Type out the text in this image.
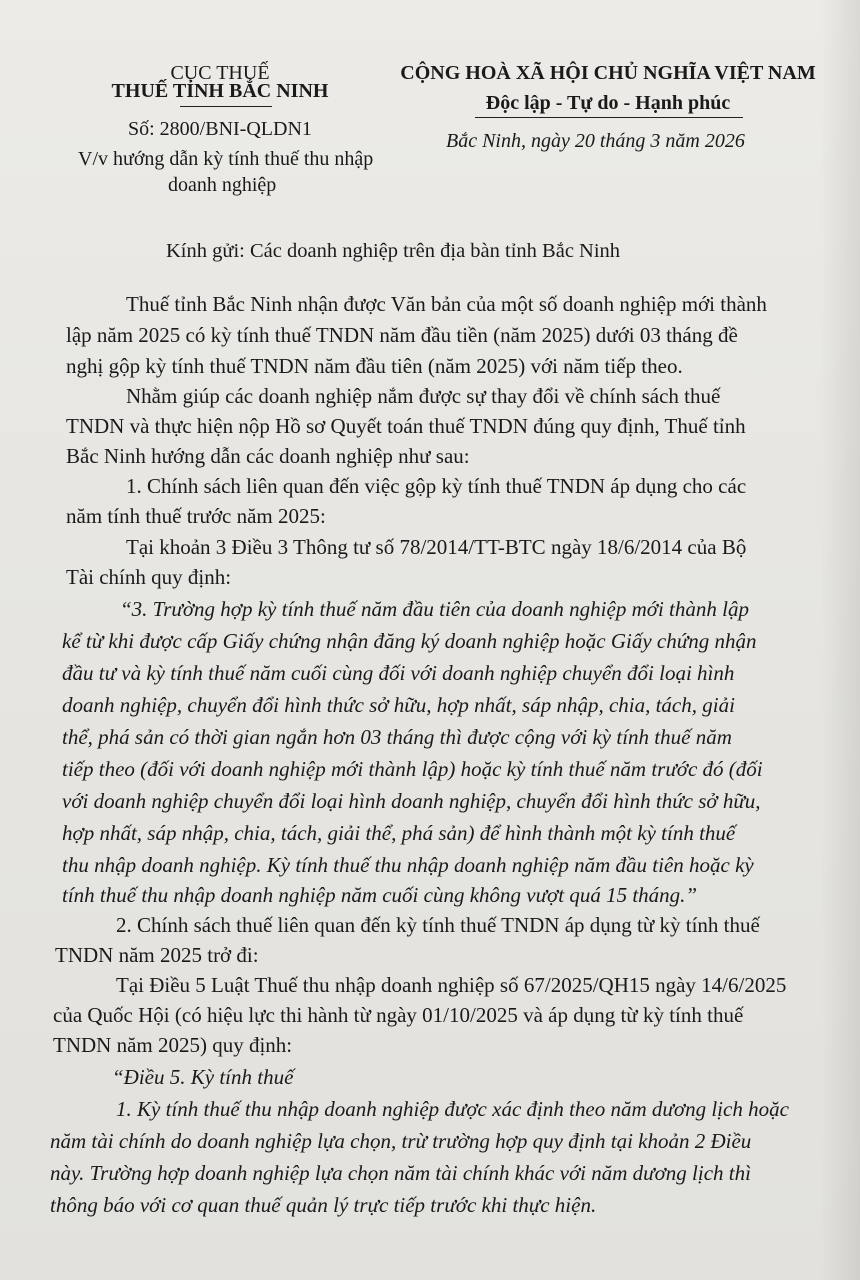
CỤC THUẾ
THUẾ TỈNH BẮC NINH
Số: 2800/BNI-QLDN1
V/v hướng dẫn kỳ tính thuế thu nhập
doanh nghiệp
CỘNG HOÀ XÃ HỘI CHỦ NGHĨA VIỆT NAM
Độc lập - Tự do - Hạnh phúc
Bắc Ninh, ngày 20 tháng 3 năm 2026
Kính gửi: Các doanh nghiệp trên địa bàn tỉnh Bắc Ninh
Thuế tỉnh Bắc Ninh nhận được Văn bản của một số doanh nghiệp mới thành
lập năm 2025 có kỳ tính thuế TNDN năm đầu tiền (năm 2025) dưới 03 tháng đề
nghị gộp kỳ tính thuế TNDN năm đầu tiên (năm 2025) với năm tiếp theo.
Nhằm giúp các doanh nghiệp nắm được sự thay đổi về chính sách thuế
TNDN và thực hiện nộp Hồ sơ Quyết toán thuế TNDN đúng quy định, Thuế tỉnh
Bắc Ninh hướng dẫn các doanh nghiệp như sau:
1. Chính sách liên quan đến việc gộp kỳ tính thuế TNDN áp dụng cho các
năm tính thuế trước năm 2025:
Tại khoản 3 Điều 3 Thông tư số 78/2014/TT-BTC ngày 18/6/2014 của Bộ
Tài chính quy định:
“3. Trường hợp kỳ tính thuế năm đầu tiên của doanh nghiệp mới thành lập
kể từ khi được cấp Giấy chứng nhận đăng ký doanh nghiệp hoặc Giấy chứng nhận
đầu tư và kỳ tính thuế năm cuối cùng đối với doanh nghiệp chuyển đổi loại hình
doanh nghiệp, chuyển đổi hình thức sở hữu, hợp nhất, sáp nhập, chia, tách, giải
thể, phá sản có thời gian ngắn hơn 03 tháng thì được cộng với kỳ tính thuế năm
tiếp theo (đối với doanh nghiệp mới thành lập) hoặc kỳ tính thuế năm trước đó (đối
với doanh nghiệp chuyển đổi loại hình doanh nghiệp, chuyển đổi hình thức sở hữu,
hợp nhất, sáp nhập, chia, tách, giải thể, phá sản) để hình thành một kỳ tính thuế
thu nhập doanh nghiệp. Kỳ tính thuế thu nhập doanh nghiệp năm đầu tiên hoặc kỳ
tính thuế thu nhập doanh nghiệp năm cuối cùng không vượt quá 15 tháng.”
2. Chính sách thuế liên quan đến kỳ tính thuế TNDN áp dụng từ kỳ tính thuế
TNDN năm 2025 trở đi:
Tại Điều 5 Luật Thuế thu nhập doanh nghiệp số 67/2025/QH15 ngày 14/6/2025
của Quốc Hội (có hiệu lực thi hành từ ngày 01/10/2025 và áp dụng từ kỳ tính thuế
TNDN năm 2025) quy định:
“Điều 5. Kỳ tính thuế
1. Kỳ tính thuế thu nhập doanh nghiệp được xác định theo năm dương lịch hoặc
năm tài chính do doanh nghiệp lựa chọn, trừ trường hợp quy định tại khoản 2 Điều
này. Trường hợp doanh nghiệp lựa chọn năm tài chính khác với năm dương lịch thì
thông báo với cơ quan thuế quản lý trực tiếp trước khi thực hiện.
